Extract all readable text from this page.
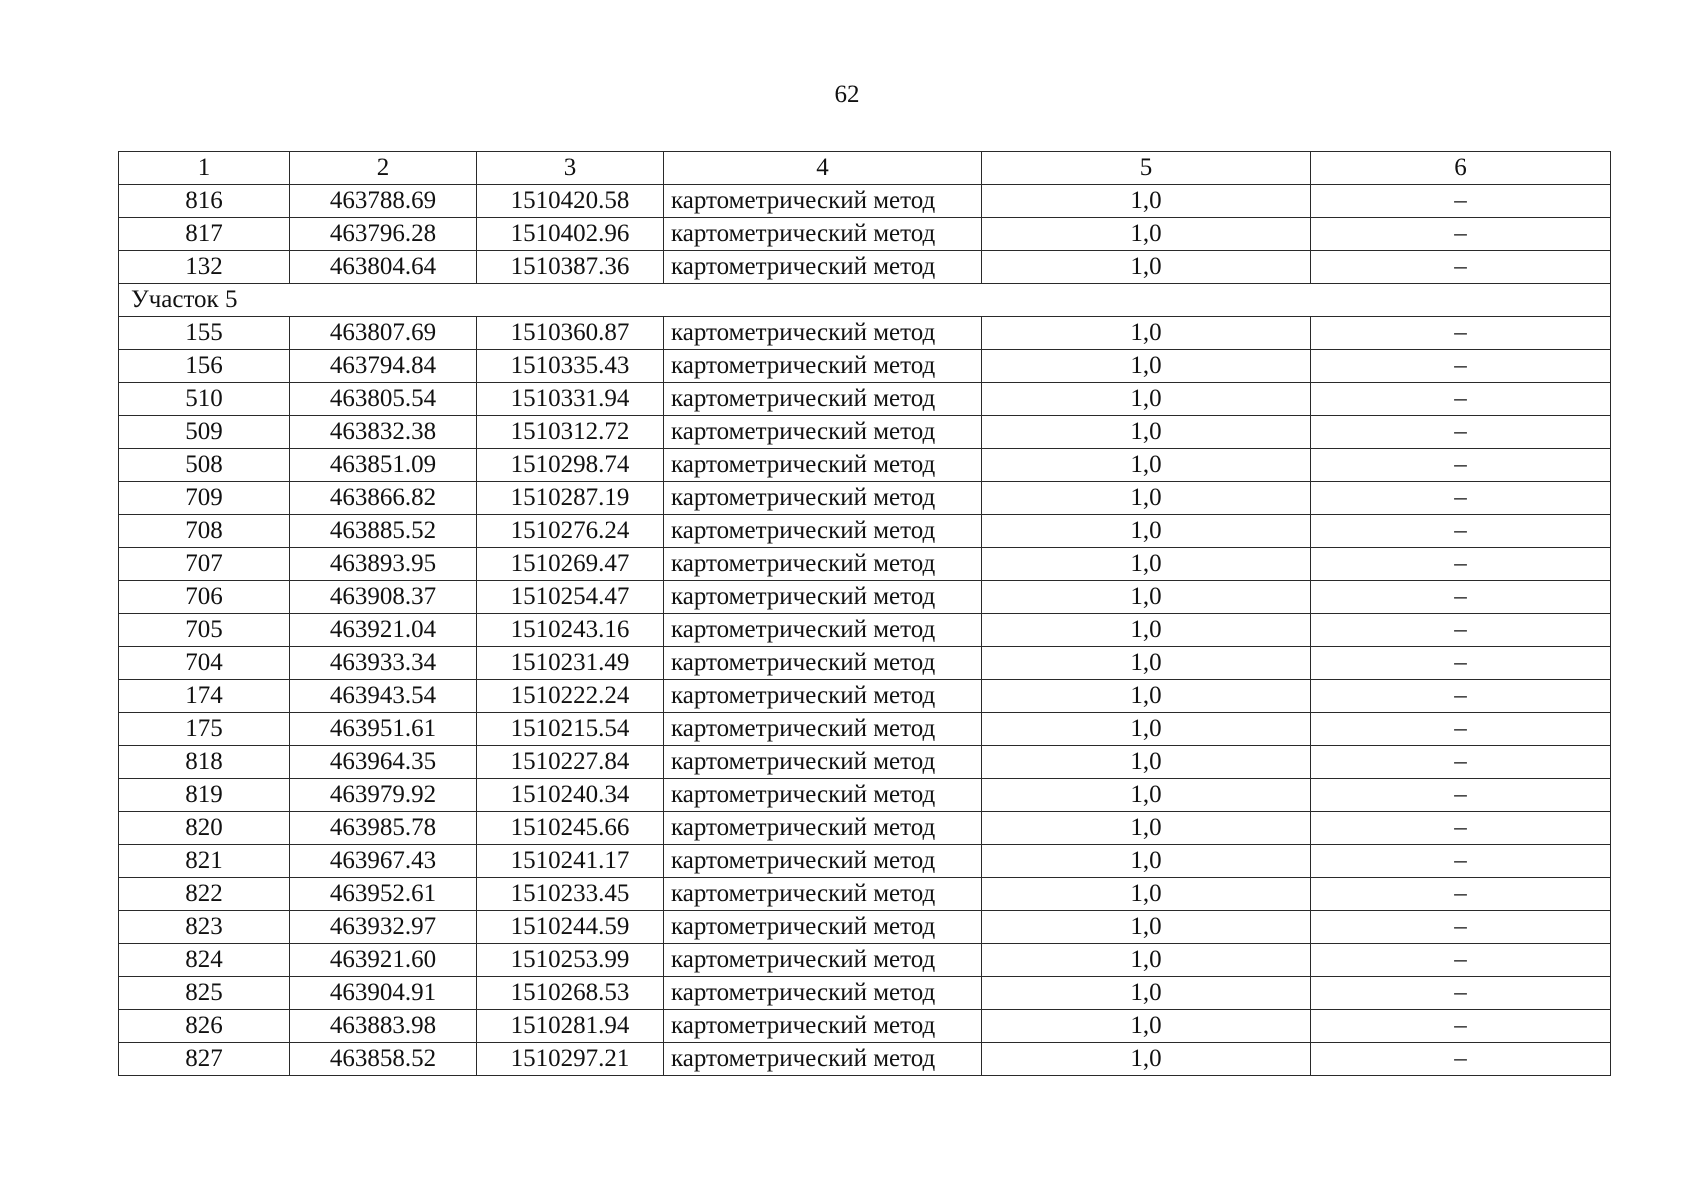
62
1	2	3	4	5	6
816	463788.69	1510420.58	картометрический метод	1,0	–
817	463796.28	1510402.96	картометрический метод	1,0	–
132	463804.64	1510387.36	картометрический метод	1,0	–
Участок 5					
155	463807.69	1510360.87	картометрический метод	1,0	–
156	463794.84	1510335.43	картометрический метод	1,0	–
510	463805.54	1510331.94	картометрический метод	1,0	–
509	463832.38	1510312.72	картометрический метод	1,0	–
508	463851.09	1510298.74	картометрический метод	1,0	–
709	463866.82	1510287.19	картометрический метод	1,0	–
708	463885.52	1510276.24	картометрический метод	1,0	–
707	463893.95	1510269.47	картометрический метод	1,0	–
706	463908.37	1510254.47	картометрический метод	1,0	–
705	463921.04	1510243.16	картометрический метод	1,0	–
704	463933.34	1510231.49	картометрический метод	1,0	–
174	463943.54	1510222.24	картометрический метод	1,0	–
175	463951.61	1510215.54	картометрический метод	1,0	–
818	463964.35	1510227.84	картометрический метод	1,0	–
819	463979.92	1510240.34	картометрический метод	1,0	–
820	463985.78	1510245.66	картометрический метод	1,0	–
821	463967.43	1510241.17	картометрический метод	1,0	–
822	463952.61	1510233.45	картометрический метод	1,0	–
823	463932.97	1510244.59	картометрический метод	1,0	–
824	463921.60	1510253.99	картометрический метод	1,0	–
825	463904.91	1510268.53	картометрический метод	1,0	–
826	463883.98	1510281.94	картометрический метод	1,0	–
827	463858.52	1510297.21	картометрический метод	1,0	–
